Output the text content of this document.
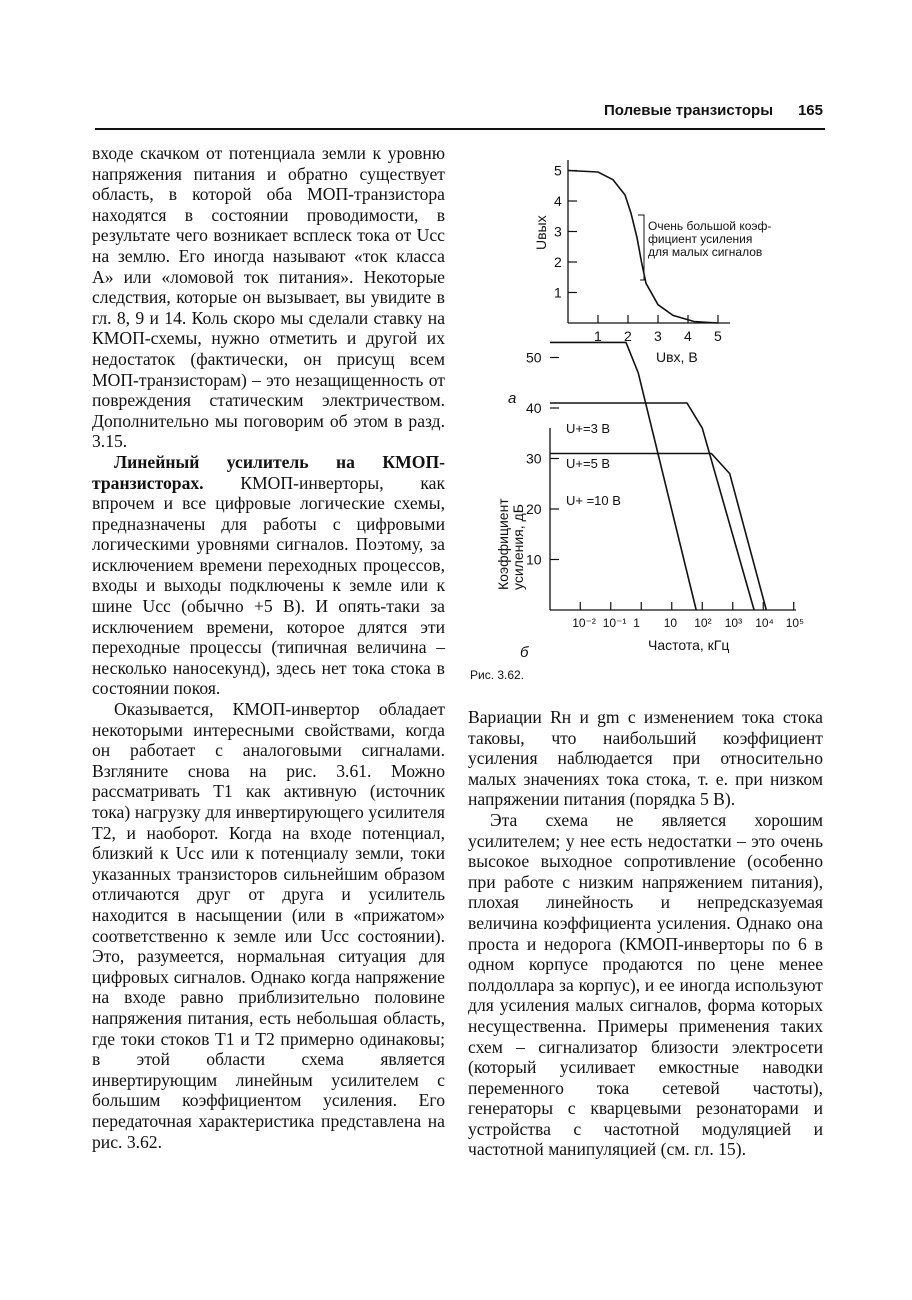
Полевые транзисторы 165

входе скачком от потенциала земли к уровню напряжения питания и обратно существует область, в которой оба МОП-транзистора находятся в состоянии проводимости, в результате чего возникает всплеск тока от Ucc на землю. Его иногда называют «ток класса А» или «ломовой ток питания». Некоторые следствия, которые он вызывает, вы увидите в гл. 8, 9 и 14. Коль скоро мы сделали ставку на КМОП-схемы, нужно отметить и другой их недостаток (фактически, он присущ всем МОП-транзисторам) – это незащищенность от повреждения статическим электричеством. Дополнительно мы поговорим об этом в разд. 3.15.

Линейный усилитель на КМОП-транзисторах. КМОП-инверторы, как впрочем и все цифровые логические схемы, предназначены для работы с цифровыми логическими уровнями сигналов. Поэтому, за исключением времени переходных процессов, входы и выходы подключены к земле или к шине Ucc (обычно +5 В). И опять-таки за исключением времени, которое длятся эти переходные процессы (типичная величина – несколько наносекунд), здесь нет тока стока в состоянии покоя.

Оказывается, КМОП-инвертор обладает некоторыми интересными свойствами, когда он работает с аналоговыми сигналами. Взгляните снова на рис. 3.61. Можно рассматривать T1 как активную (источник тока) нагрузку для инвертирующего усилителя T2, и наоборот. Когда на входе потенциал, близкий к Ucc или к потенциалу земли, токи указанных транзисторов сильнейшим образом отличаются друг от друга и усилитель находится в насыщении (или в «прижатом» соответственно к земле или Ucc состоянии). Это, разумеется, нормальная ситуация для цифровых сигналов. Однако когда напряжение на входе равно приблизительно половине напряжения питания, есть небольшая область, где токи стоков T1 и T2 примерно одинаковы; в этой области схема является инвертирующим линейным усилителем с большим коэффициентом усиления. Его передаточная характеристика представлена на рис. 3.62.

1 2 3 4 5
1
2
3
4
5
Очень большой коэф-
фициент усиления
для малых сигналов
Uвх, В
Uвых
а
10⁻² 10⁻¹ 1 10 10² 10³ 10⁴ 10⁵
10
20
30
40
50
U+=3 В
U+=5 В
U+ =10 В
Частота, кГц
Коэффициент усиления, дБ
б
Рис. 3.62.

Вариации Rн и gm с изменением тока стока таковы, что наибольший коэффициент усиления наблюдается при относительно малых значениях тока стока, т. е. при низком напряжении питания (порядка 5 В).

Эта схема не является хорошим усилителем; у нее есть недостатки – это очень высокое выходное сопротивление (особенно при работе с низким напряжением питания), плохая линейность и непредсказуемая величина коэффициента усиления. Однако она проста и недорога (КМОП-инверторы по 6 в одном корпусе продаются по цене менее полдоллара за корпус), и ее иногда используют для усиления малых сигналов, форма которых несущественна. Примеры применения таких схем – сигнализатор близости электросети (который усиливает емкостные наводки переменного тока сетевой частоты), генераторы с кварцевыми резонаторами и устройства с частотной модуляцией и частотной манипуляцией (см. гл. 15).
